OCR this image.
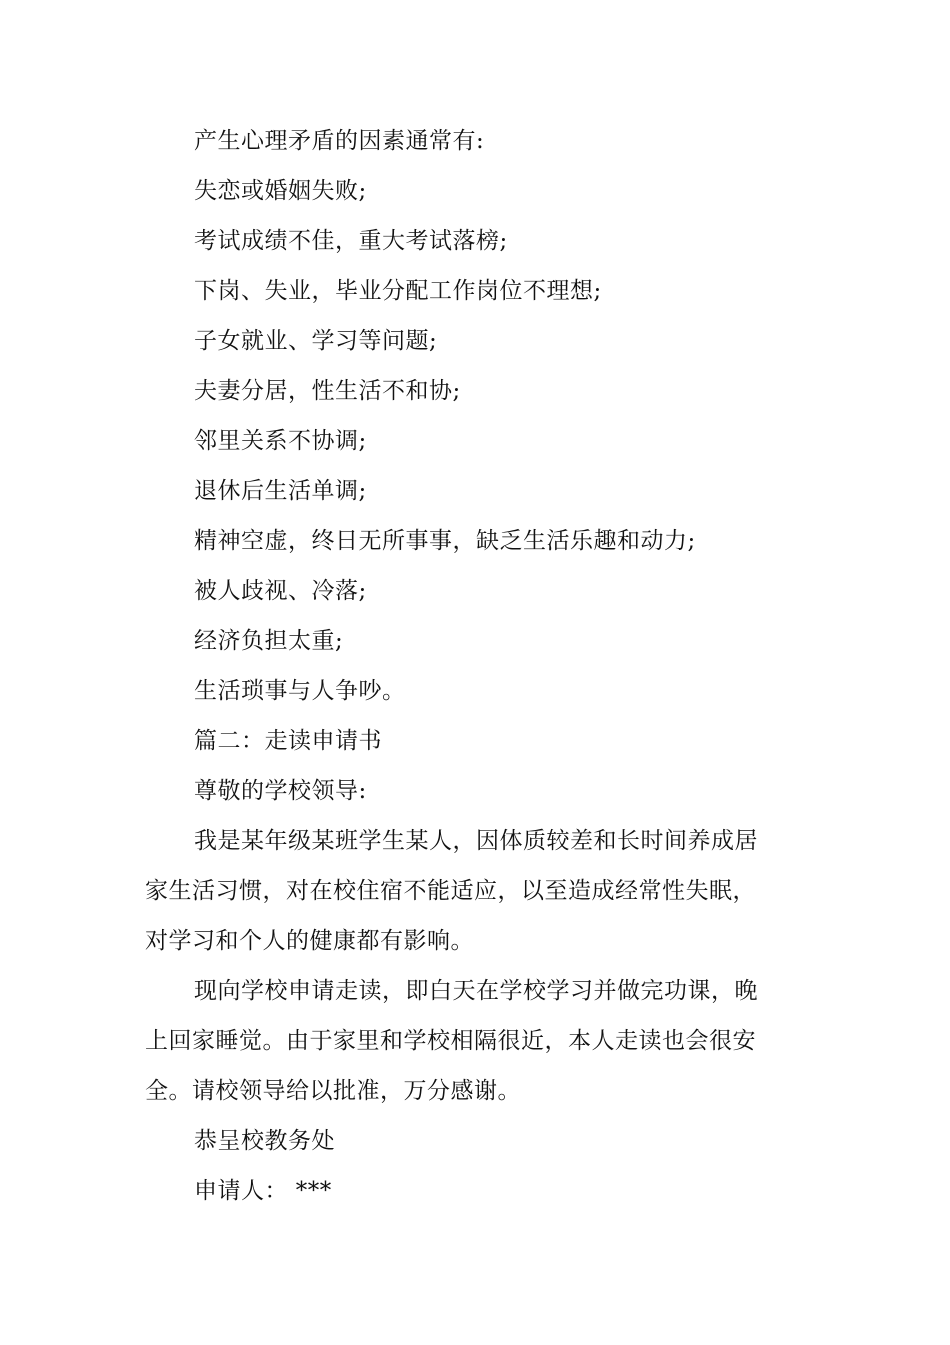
产生心理矛盾的因素通常有:
失恋或婚姻失败;
考试成绩不佳，重大考试落榜;
下岗、失业，毕业分配工作岗位不理想;
子女就业、学习等问题;
夫妻分居，性生活不和协;
邻里关系不协调;
退休后生活单调;
精神空虚，终日无所事事，缺乏生活乐趣和动力;
被人歧视、冷落;
经济负担太重;
生活琐事与人争吵。
篇二：走读申请书
尊敬的学校领导:
我是某年级某班学生某人，因体质较差和长时间养成居
家生活习惯，对在校住宿不能适应，以至造成经常性失眠，
对学习和个人的健康都有影响。
现向学校申请走读，即白天在学校学习并做完功课，晚
上回家睡觉。由于家里和学校相隔很近，本人走读也会很安
全。请校领导给以批准，万分感谢。
恭呈校教务处
申请人： ***
